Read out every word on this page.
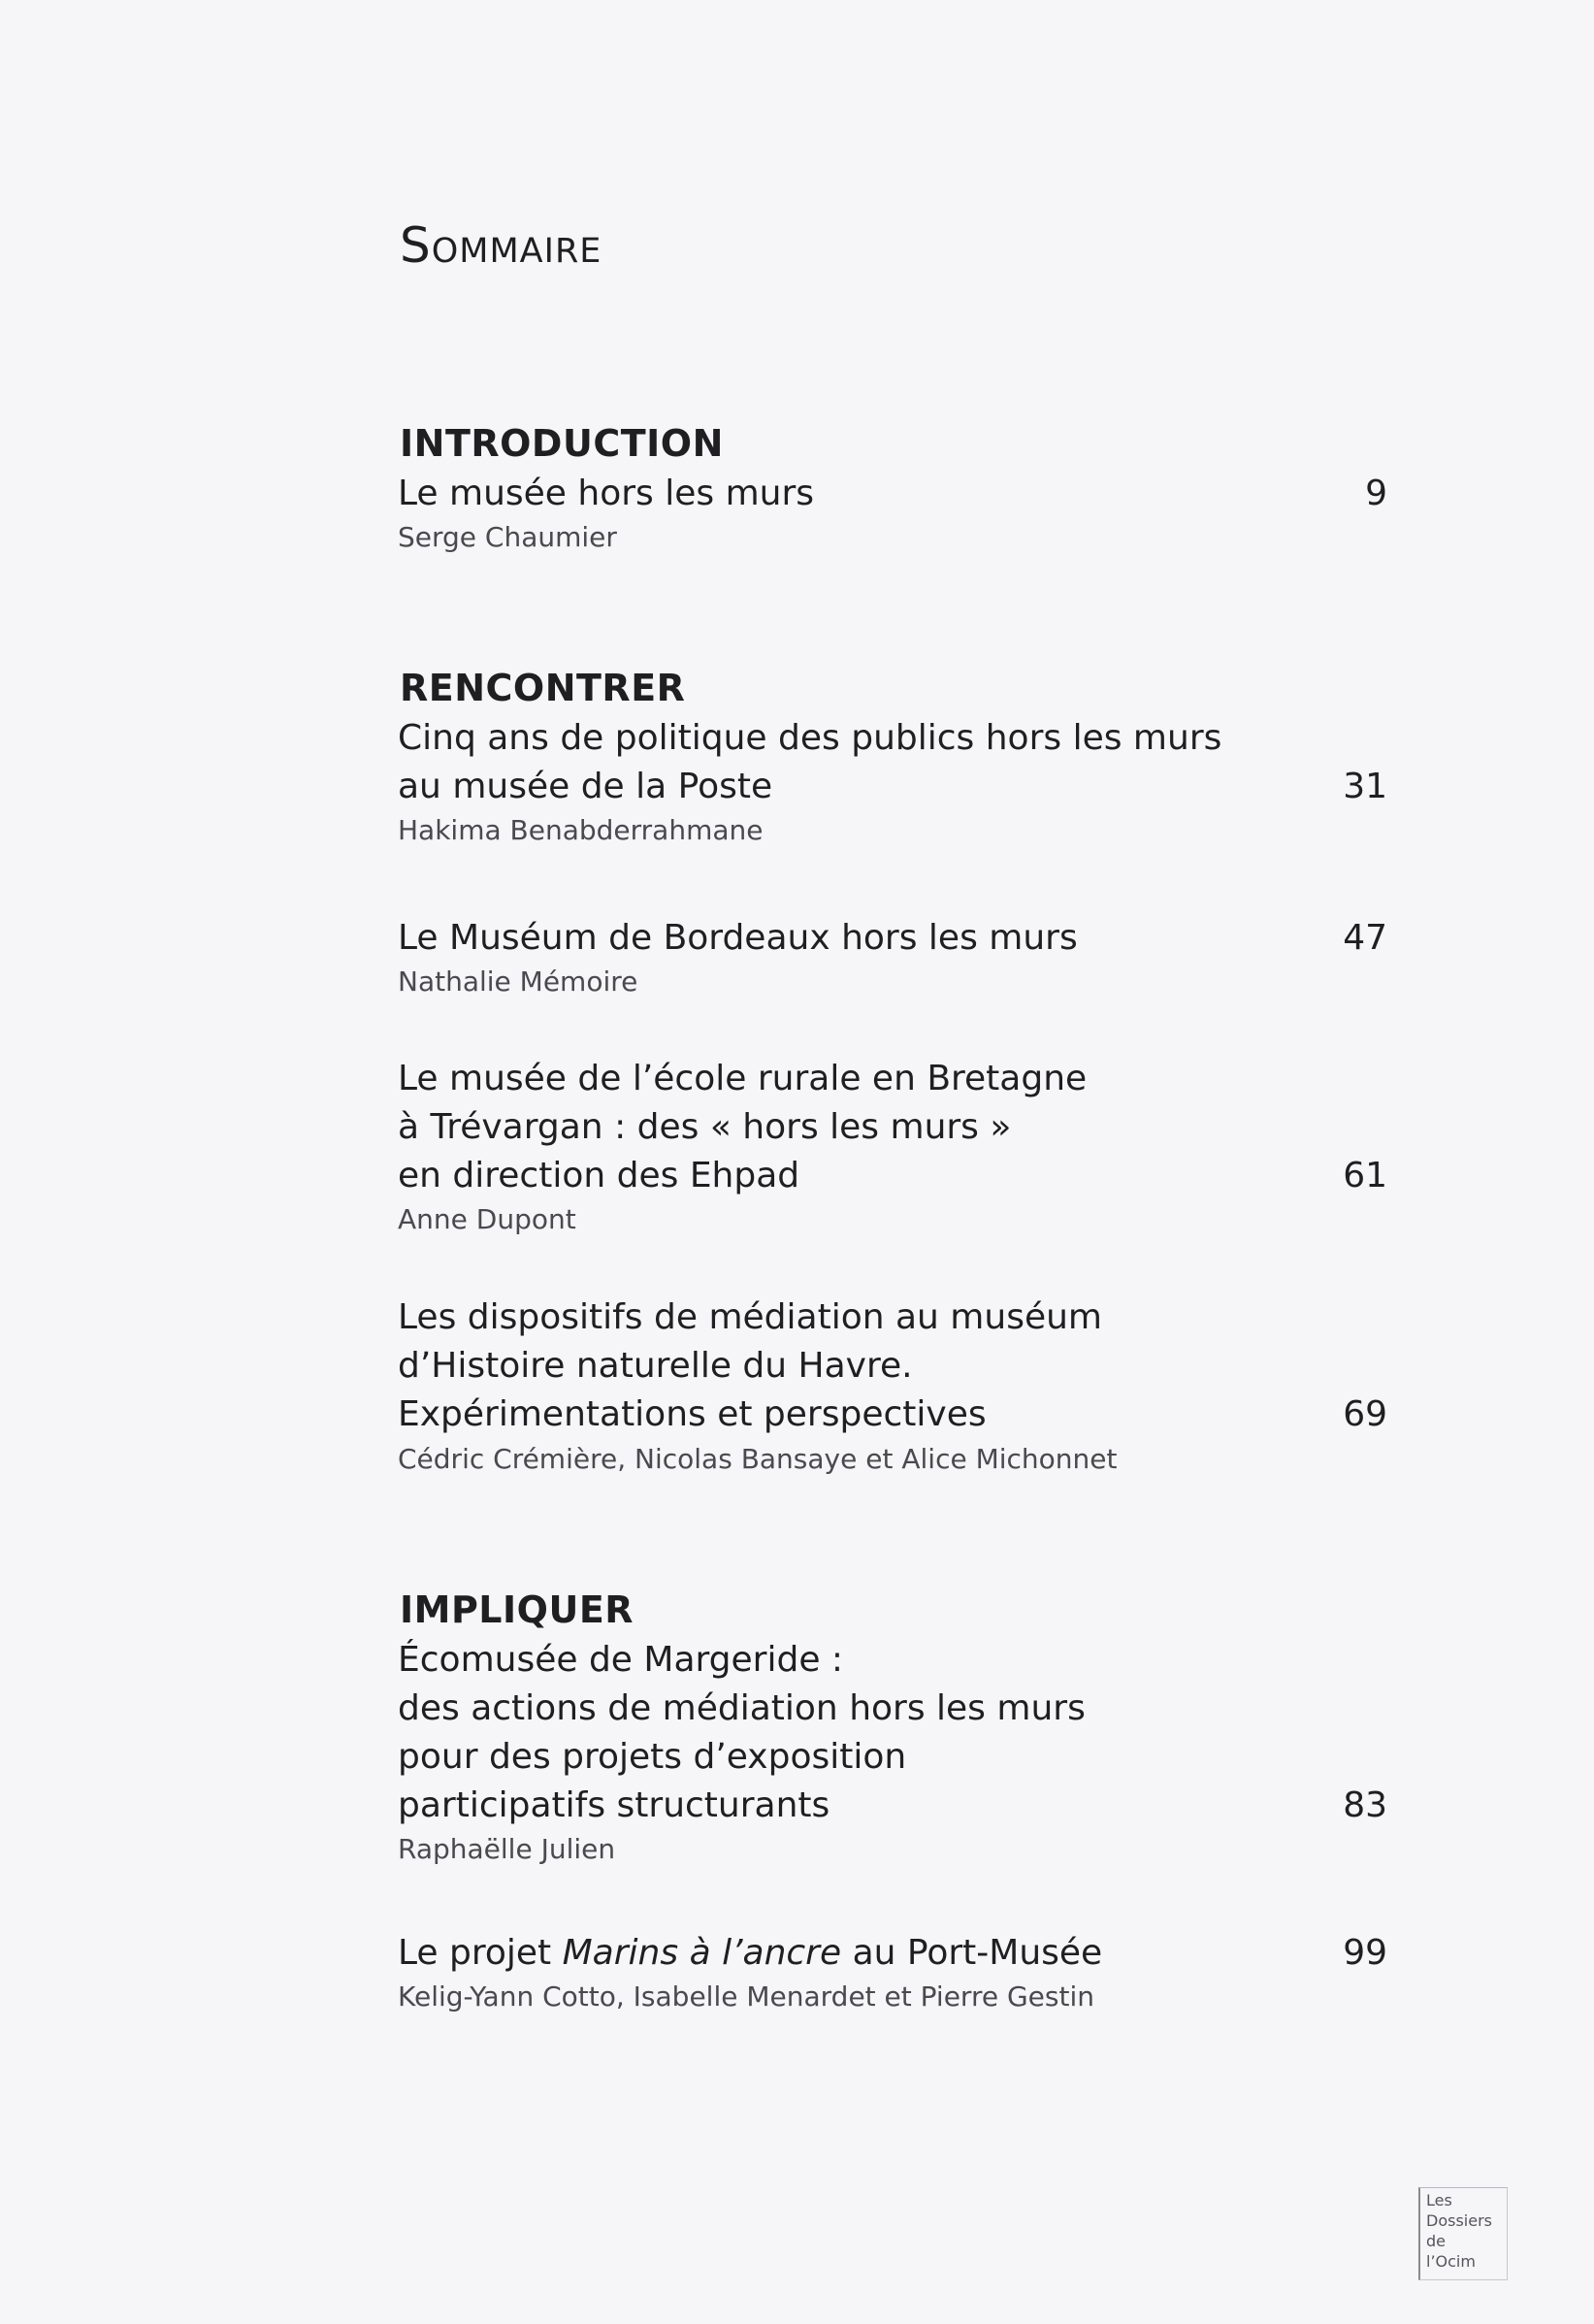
Sommaire
INTRODUCTION
Le musée hors les murs	9
Serge Chaumier
RENCONTRER
Cinq ans de politique des publics hors les murs
au musée de la Poste	31
Hakima Benabderrahmane
Le Muséum de Bordeaux hors les murs	47
Nathalie Mémoire
Le musée de l’école rurale en Bretagne
à Trévargan : des « hors les murs »
en direction des Ehpad	61
Anne Dupont
Les dispositifs de médiation au muséum
d’Histoire naturelle du Havre.
Expérimentations et perspectives	69
Cédric Crémière, Nicolas Bansaye et Alice Michonnet
IMPLIQUER
Écomusée de Margeride :
des actions de médiation hors les murs
pour des projets d’exposition
participatifs structurants	83
Raphaëlle Julien
Le projet Marins à l’ancre au Port-Musée	99
Kelig-Yann Cotto, Isabelle Menardet et Pierre Gestin
Les
Dossiers
de
l’Ocim
